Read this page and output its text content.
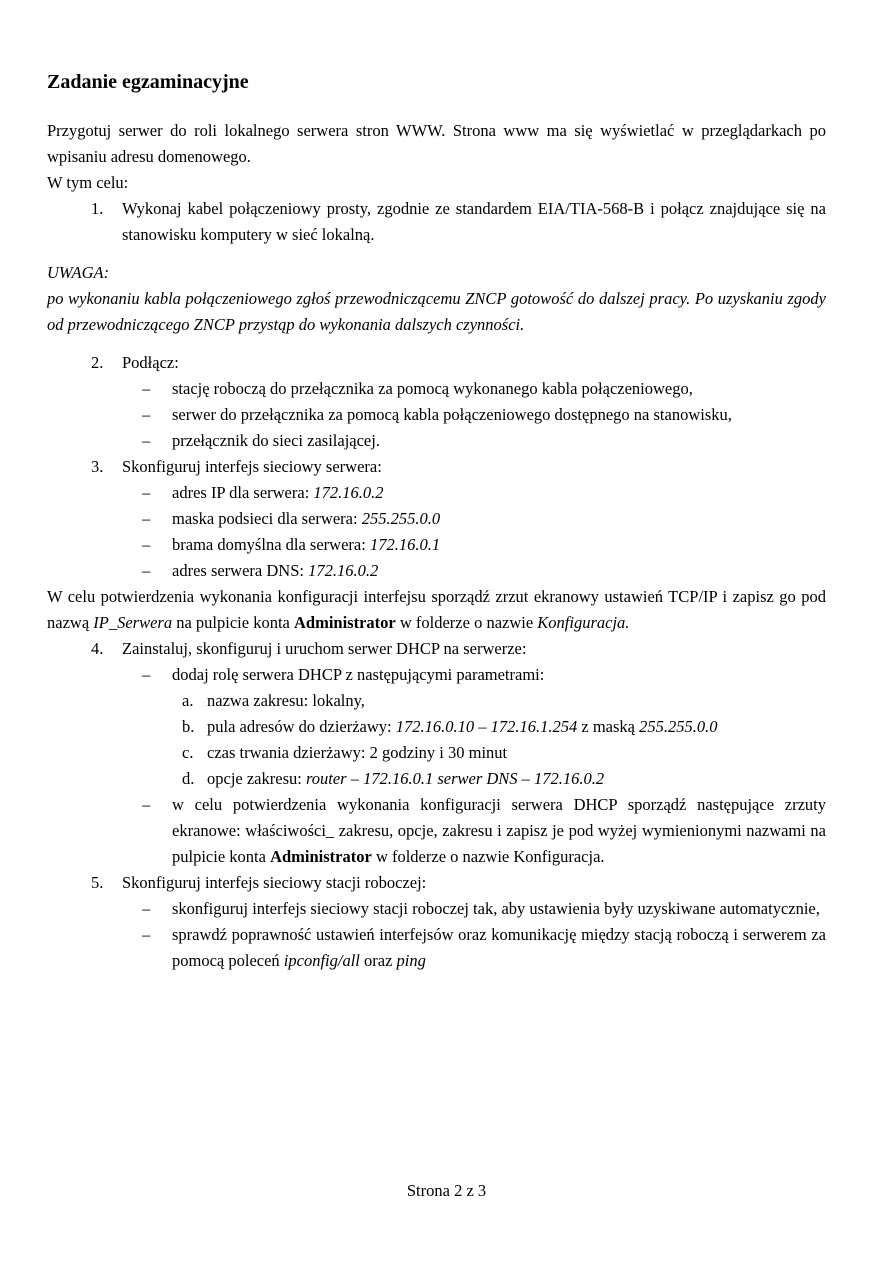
Zadanie egzaminacyjne

Przygotuj serwer do roli lokalnego serwera stron WWW. Strona www ma się wyświetlać w przeglądarkach po wpisaniu adresu domenowego.

W tym celu:

1.	Wykonaj kabel połączeniowy prosty, zgodnie ze standardem EIA/TIA-568-B i połącz znajdujące się na stanowisku komputery w sieć lokalną.

UWAGA:

po wykonaniu kabla połączeniowego zgłoś przewodniczącemu ZNCP gotowość do dalszej pracy. Po uzyskaniu zgody od przewodniczącego ZNCP przystąp do wykonania dalszych czynności.

2.	Podłącz:
–	stację roboczą do przełącznika za pomocą wykonanego kabla połączeniowego,
–	serwer do przełącznika za pomocą kabla połączeniowego dostępnego na stanowisku,
–	przełącznik do sieci zasilającej.
3.	Skonfiguruj interfejs sieciowy serwera:
–	adres IP dla serwera: 172.16.0.2
–	maska podsieci dla serwera: 255.255.0.0
–	brama domyślna dla serwera: 172.16.0.1
–	adres serwera DNS: 172.16.0.2

W celu potwierdzenia wykonania konfiguracji interfejsu sporządź zrzut ekranowy ustawień TCP/IP i zapisz go pod nazwą IP_Serwera na pulpicie konta Administrator w folderze o nazwie Konfiguracja.

4.	Zainstaluj, skonfiguruj i uruchom serwer DHCP na serwerze:
–	dodaj rolę serwera DHCP z następującymi parametrami:
a. nazwa zakresu: lokalny,
b. pula adresów do dzierżawy: 172.16.0.10 – 172.16.1.254 z maską 255.255.0.0
c. czas trwania dzierżawy: 2 godziny i 30 minut
d. opcje zakresu: router – 172.16.0.1 serwer DNS – 172.16.0.2
–	w celu potwierdzenia wykonania konfiguracji serwera DHCP sporządź następujące zrzuty ekranowe: właściwości_ zakresu, opcje, zakresu i zapisz je pod wyżej wymienionymi nazwami na pulpicie konta Administrator w folderze o nazwie Konfiguracja.
5.	Skonfiguruj interfejs sieciowy stacji roboczej:
–	skonfiguruj interfejs sieciowy stacji roboczej tak, aby ustawienia były uzyskiwane automatycznie,
–	sprawdź poprawność ustawień interfejsów oraz komunikację między stacją roboczą i serwerem za pomocą poleceń ipconfig/all oraz ping
Strona 2 z 3
